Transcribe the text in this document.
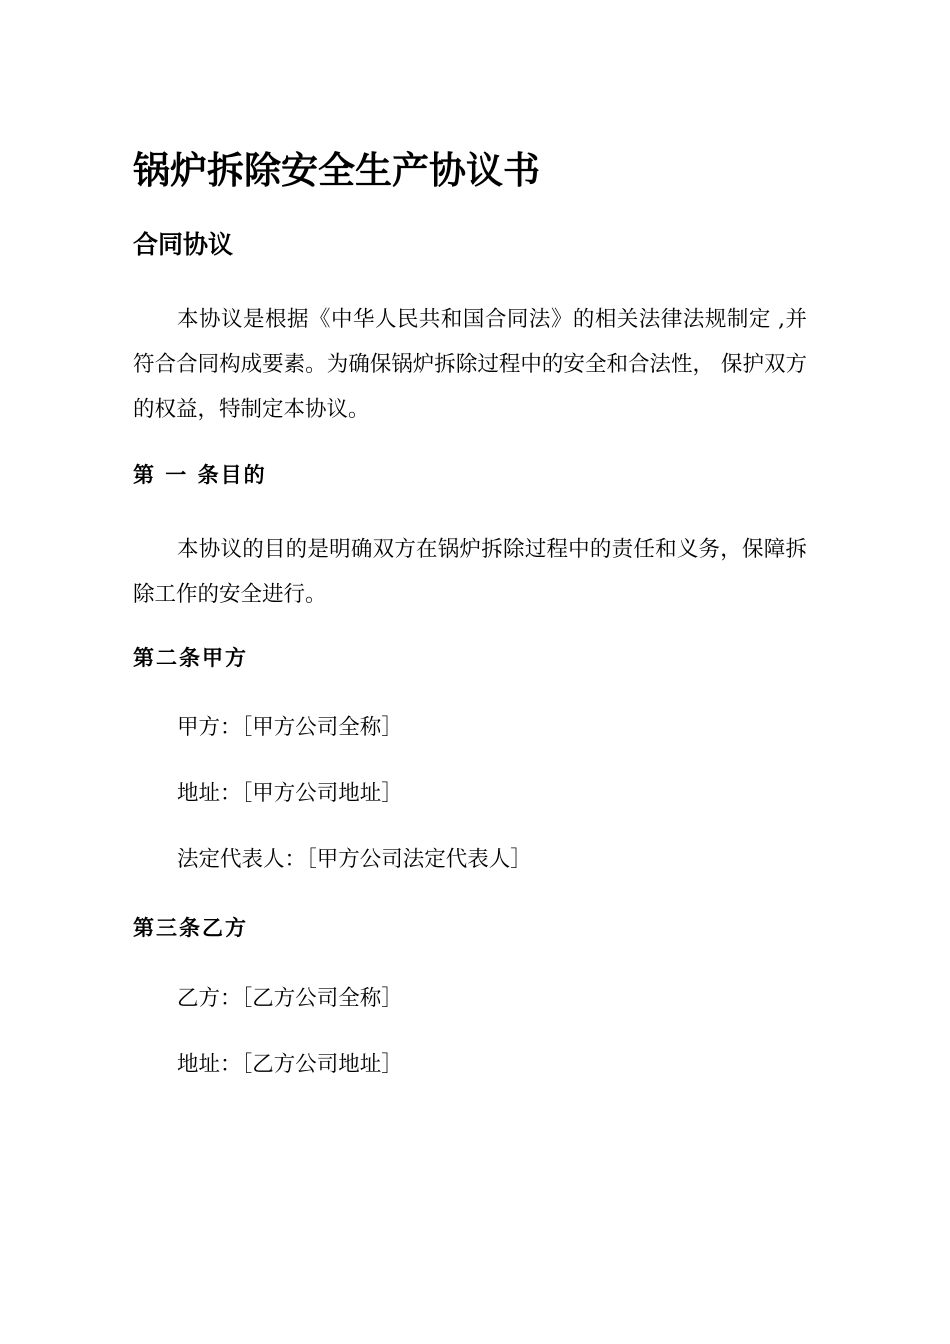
锅炉拆除安全生产协议书
合同协议
本协议是根据《中华人民共和国合同法》的相关法律法规制定 ,并符合合同构成要素。为确保锅炉拆除过程中的安全和合法性， 保护双方的权益，特制定本协议。
第 一 条目的
本协议的目的是明确双方在锅炉拆除过程中的责任和义务，保障拆除工作的安全进行。
第二条甲方
甲方：［甲方公司全称］
地址：［甲方公司地址］
法定代表人：［甲方公司法定代表人］
第三条乙方
乙方：［乙方公司全称］
地址：［乙方公司地址］
